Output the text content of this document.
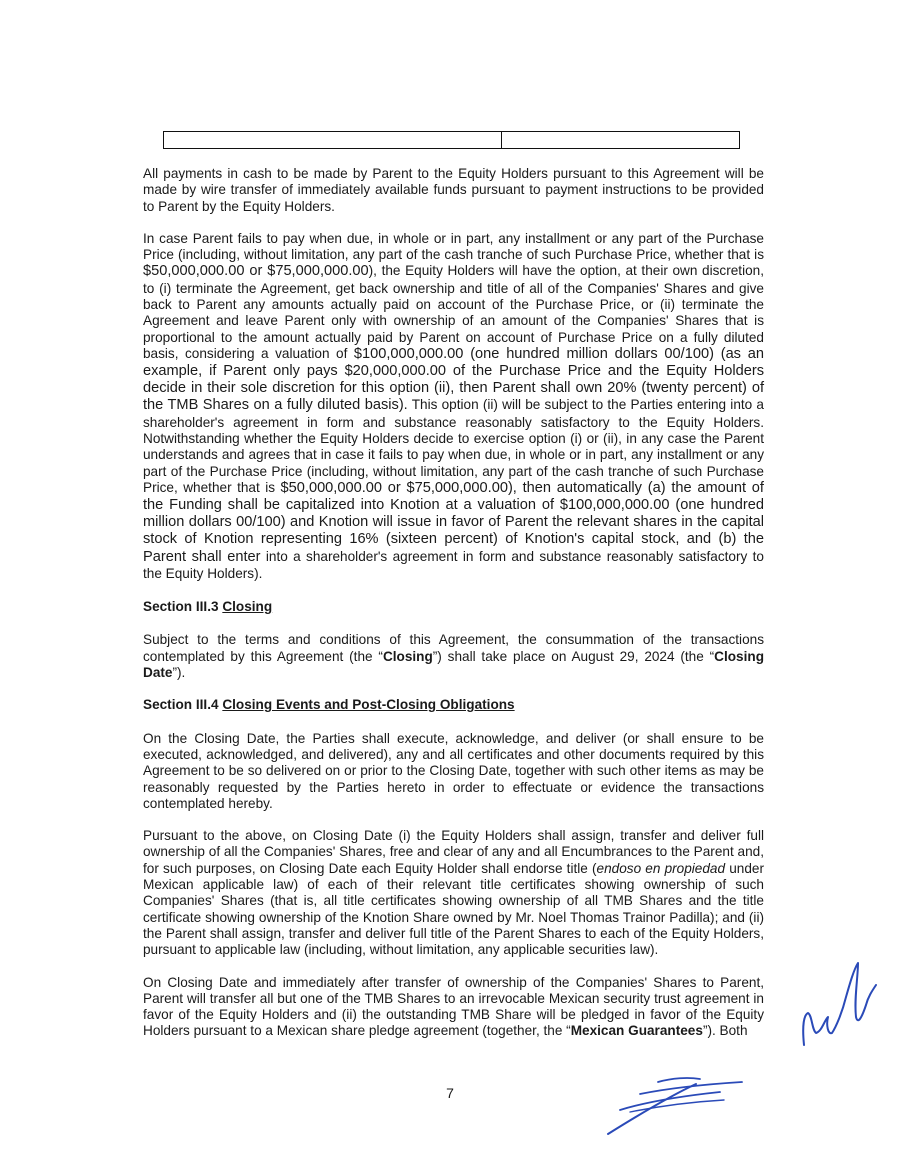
All payments in cash to be made by Parent to the Equity Holders pursuant to this Agreement will be made by wire transfer of immediately available funds pursuant to payment instructions to be provided to Parent by the Equity Holders.

In case Parent fails to pay when due, in whole or in part, any installment or any part of the Purchase Price (including, without limitation, any part of the cash tranche of such Purchase Price, whether that is $50,000,000.00 or $75,000,000.00), the Equity Holders will have the option, at their own discretion, to (i) terminate the Agreement, get back ownership and title of all of the Companies' Shares and give back to Parent any amounts actually paid on account of the Purchase Price, or (ii) terminate the Agreement and leave Parent only with ownership of an amount of the Companies' Shares that is proportional to the amount actually paid by Parent on account of Purchase Price on a fully diluted basis, considering a valuation of $100,000,000.00 (one hundred million dollars 00/100) (as an example, if Parent only pays $20,000,000.00 of the Purchase Price and the Equity Holders decide in their sole discretion for this option (ii), then Parent shall own 20% (twenty percent) of the TMB Shares on a fully diluted basis). This option (ii) will be subject to the Parties entering into a shareholder's agreement in form and substance reasonably satisfactory to the Equity Holders. Notwithstanding whether the Equity Holders decide to exercise option (i) or (ii), in any case the Parent understands and agrees that in case it fails to pay when due, in whole or in part, any installment or any part of the Purchase Price (including, without limitation, any part of the cash tranche of such Purchase Price, whether that is $50,000,000.00 or $75,000,000.00), then automatically (a) the amount of the Funding shall be capitalized into Knotion at a valuation of $100,000,000.00 (one hundred million dollars 00/100) and Knotion will issue in favor of Parent the relevant shares in the capital stock of Knotion representing 16% (sixteen percent) of Knotion's capital stock, and (b) the Parent shall enter into a shareholder's agreement in form and substance reasonably satisfactory to the Equity Holders).

Section III.3 Closing

Subject to the terms and conditions of this Agreement, the consummation of the transactions contemplated by this Agreement (the “Closing”) shall take place on August 29, 2024 (the “Closing Date”).

Section III.4 Closing Events and Post-Closing Obligations

On the Closing Date, the Parties shall execute, acknowledge, and deliver (or shall ensure to be executed, acknowledged, and delivered), any and all certificates and other documents required by this Agreement to be so delivered on or prior to the Closing Date, together with such other items as may be reasonably requested by the Parties hereto in order to effectuate or evidence the transactions contemplated hereby.

Pursuant to the above, on Closing Date (i) the Equity Holders shall assign, transfer and deliver full ownership of all the Companies' Shares, free and clear of any and all Encumbrances to the Parent and, for such purposes, on Closing Date each Equity Holder shall endorse title (endoso en propiedad under Mexican applicable law) of each of their relevant title certificates showing ownership of such Companies' Shares (that is, all title certificates showing ownership of all TMB Shares and the title certificate showing ownership of the Knotion Share owned by Mr. Noel Thomas Trainor Padilla); and (ii) the Parent shall assign, transfer and deliver full title of the Parent Shares to each of the Equity Holders, pursuant to applicable law (including, without limitation, any applicable securities law).

On Closing Date and immediately after transfer of ownership of the Companies' Shares to Parent, Parent will transfer all but one of the TMB Shares to an irrevocable Mexican security trust agreement in favor of the Equity Holders and (ii) the outstanding TMB Share will be pledged in favor of the Equity Holders pursuant to a Mexican share pledge agreement (together, the “Mexican Guarantees”). Both

7
